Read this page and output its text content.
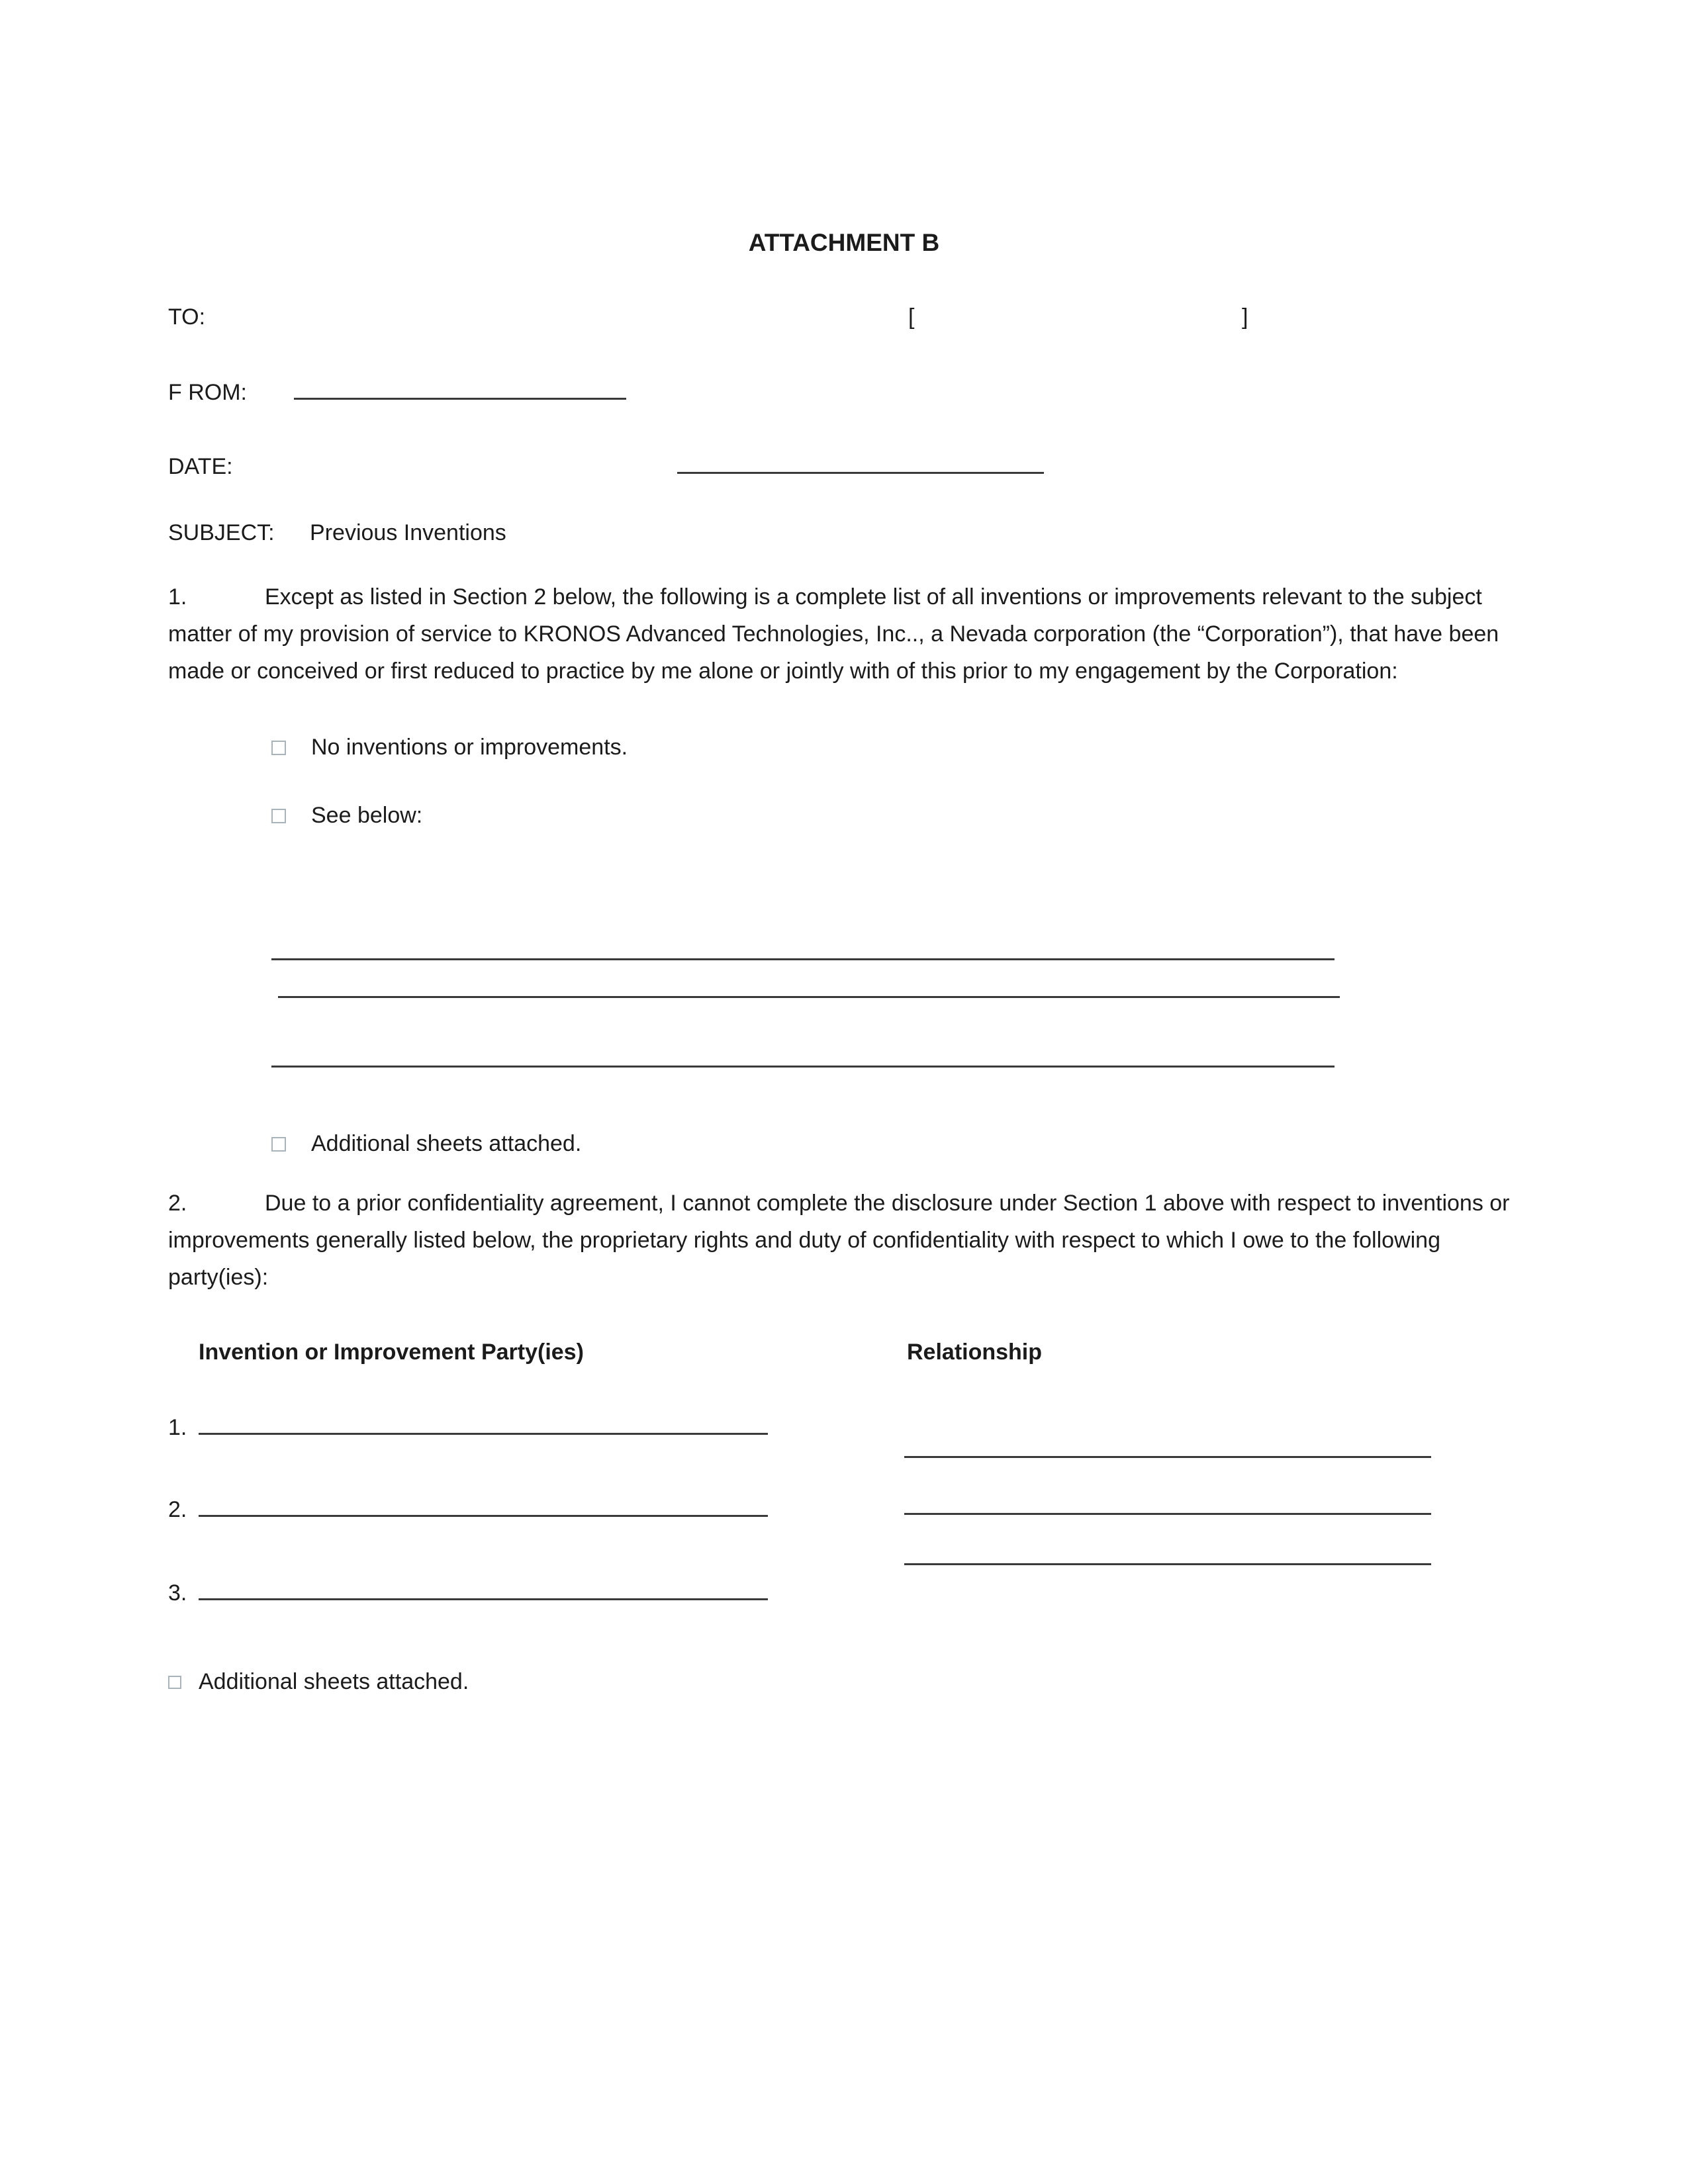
ATTACHMENT B
TO:	[	]
F ROM:
DATE:
SUBJECT: Previous Inventions

1.	Except as listed in Section 2 below, the following is a complete list of all inventions or improvements relevant to the subject matter of my provision of service to KRONOS Advanced Technologies, Inc.., a Nevada corporation (the “Corporation”), that have been made or conceived or first reduced to practice by me alone or jointly with of this prior to my engagement by the Corporation:

No inventions or improvements.
See below:
Additional sheets attached.

2.	Due to a prior confidentiality agreement, I cannot complete the disclosure under Section 1 above with respect to inventions or improvements generally listed below, the proprietary rights and duty of confidentiality with respect to which I owe to the following party(ies):

Invention or Improvement Party(ies)	Relationship
1.
2.
3.
Additional sheets attached.
